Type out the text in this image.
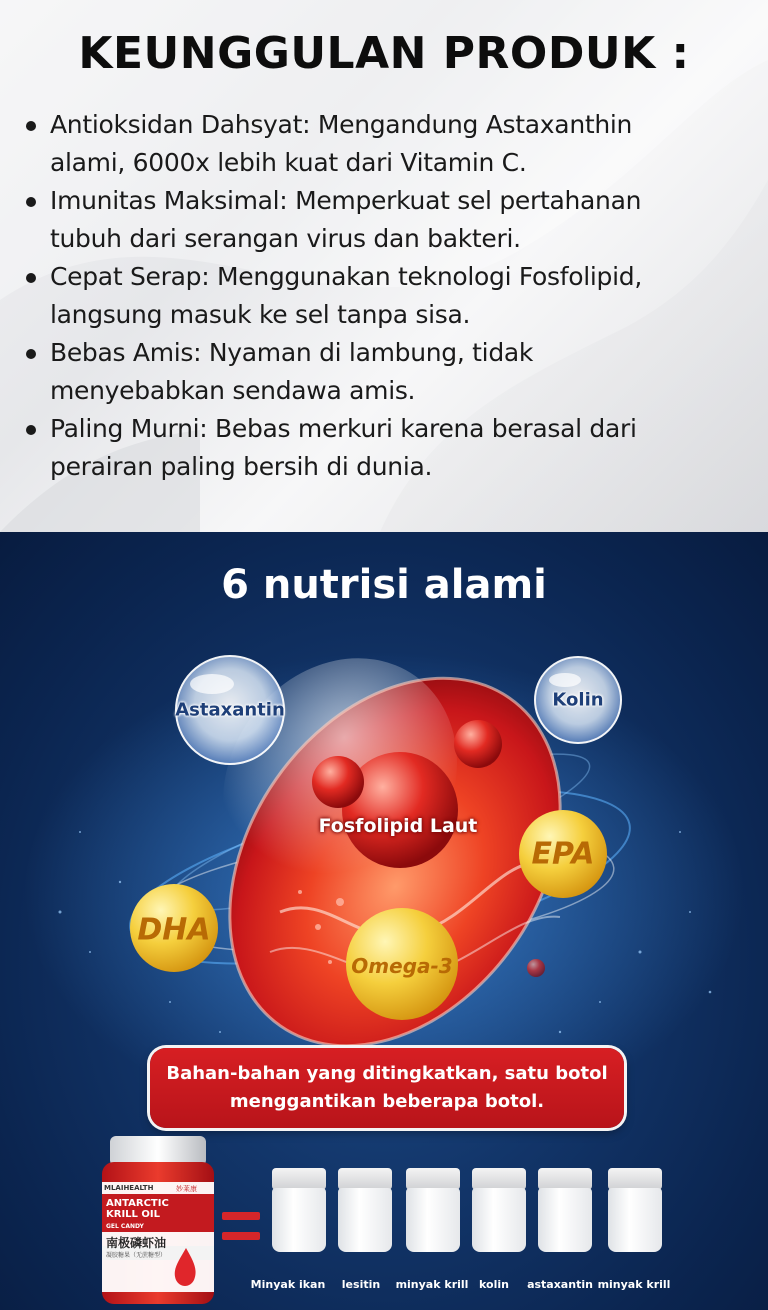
KEUNGGULAN PRODUK :
Antioksidan Dahsyat: Mengandung Astaxanthin
alami, 6000x lebih kuat dari Vitamin C.
Imunitas Maksimal: Memperkuat sel pertahanan
tubuh dari serangan virus dan bakteri.
Cepat Serap: Menggunakan teknologi Fosfolipid,
langsung masuk ke sel tanpa sisa.
Bebas Amis: Nyaman di lambung, tidak
menyebabkan sendawa amis.
Paling Murni: Bebas merkuri karena berasal dari
perairan paling bersih di dunia.
6 nutrisi alami
Astaxantin	Kolin
Fosfolipid Laut
EPA
DHA
Omega-3
Bahan-bahan yang ditingkatkan, satu botol
menggantikan beberapa botol.
MLAIHEALTH	妙莱康
ANTARCTIC
KRILL OIL
GEL CANDY
南极磷虾油
凝胶糖果（无蔗糖型）
Minyak ikan lesitin minyak krill kolin astaxantin minyak krill
